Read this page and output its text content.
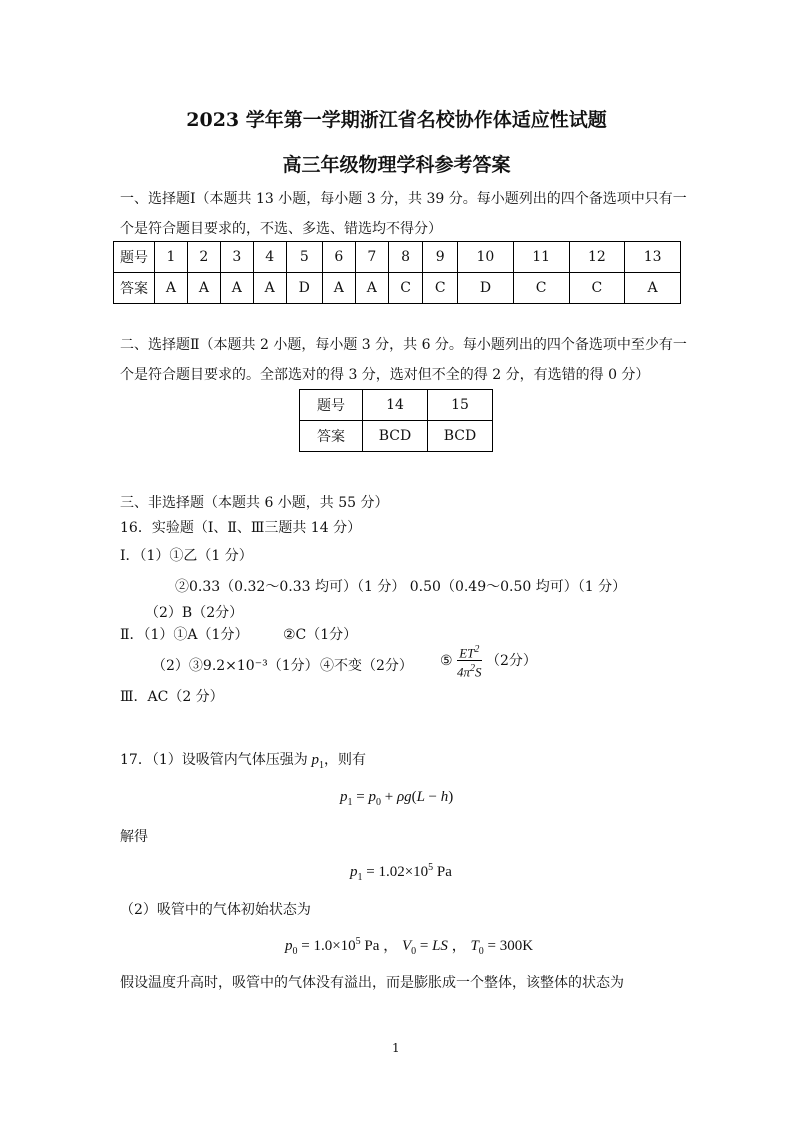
2023 学年第一学期浙江省名校协作体适应性试题
高三年级物理学科参考答案
一、选择题Ⅰ（本题共 13 小题，每小题 3 分，共 39 分。每小题列出的四个备选项中只有一
个是符合题目要求的，不选、多选、错选均不得分）
题号	1	2	3	4	5	6	7	8	9	10	11	12	13
答案	A	A	A	A	D	A	A	C	C	D	C	C	A
二、选择题Ⅱ（本题共 2 小题，每小题 3 分，共 6 分。每小题列出的四个备选项中至少有一
个是符合题目要求的。全部选对的得 3 分，选对但不全的得 2 分，有选错的得 0 分）
题号	14	15
答案	BCD	BCD
三、非选择题（本题共 6 小题，共 55 分）
16．实验题（Ⅰ、Ⅱ、Ⅲ三题共 14 分）
Ⅰ．（1）①乙（1 分）
②0.33（0.32～0.33 均可）（1 分） 0.50（0.49～0.50 均可）（1 分）
（2）B（2分）
Ⅱ．（1）①A（1分） ②C（1分）
（2）③9.2×10⁻³（1分） ④不变（2分） ⑤ $\frac{ET^2}{4\pi^2S} (2$分）
Ⅲ．AC（2 分）
17．（1）设吸管内气体压强为 $p_1$，则有
$p_1 = p_0 + \rho g(L - h)$
解得
$p_1 = 1.02\times 10^5$ Pa
（2）吸管中的气体初始状态为
$p_0 = 1.0\times 10^5$ Pa ， $V_0$ = LS ， $T_0 = 300K$
假设温度升高时，吸管中的气体没有溢出，而是膨胀成一个整体，该整体的状态为
1
